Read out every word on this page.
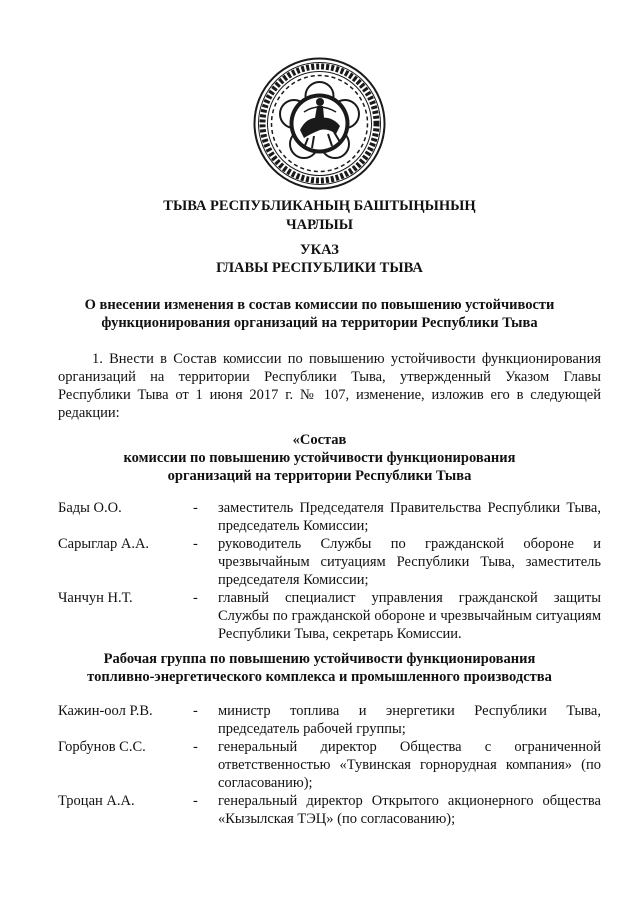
ТЫВА РЕСПУБЛИКАНЫҢ БАШТЫҢЫНЫҢ
ЧАРЛЫЫ
УКАЗ
ГЛАВЫ РЕСПУБЛИКИ ТЫВА
О внесении изменения в состав комиссии по повышению устойчивости
функционирования организаций на территории Республики Тыва
1. Внести в Состав комиссии по повышению устойчивости функционирования организаций на территории Республики Тыва, утвержденный Указом Главы Республики Тыва от 1 июня 2017 г. № 107, изменение, изложив его в следующей редакции:
«Состав
комиссии по повышению устойчивости функционирования
организаций на территории Республики Тыва
Бады О.О.	-	заместитель Председателя Правительства Республики Тыва, председатель Комиссии;
Сарыглар А.А.	-	руководитель Службы по гражданской обороне и чрезвычайным ситуациям Республики Тыва, заместитель председателя Комиссии;
Чанчун Н.Т.	-	главный специалист управления гражданской защиты Службы по гражданской обороне и чрезвычайным ситуациям Республики Тыва, секретарь Комиссии.
Рабочая группа по повышению устойчивости функционирования
топливно-энергетического комплекса и промышленного производства
Кажин-оол Р.В.	-	министр топлива и энергетики Республики Тыва, председатель рабочей группы;
Горбунов С.С.	-	генеральный директор Общества с ограниченной ответственностью «Тувинская горнорудная компания» (по согласованию);
Троцан А.А.	-	генеральный директор Открытого акционерного общества «Кызылская ТЭЦ» (по согласованию);
